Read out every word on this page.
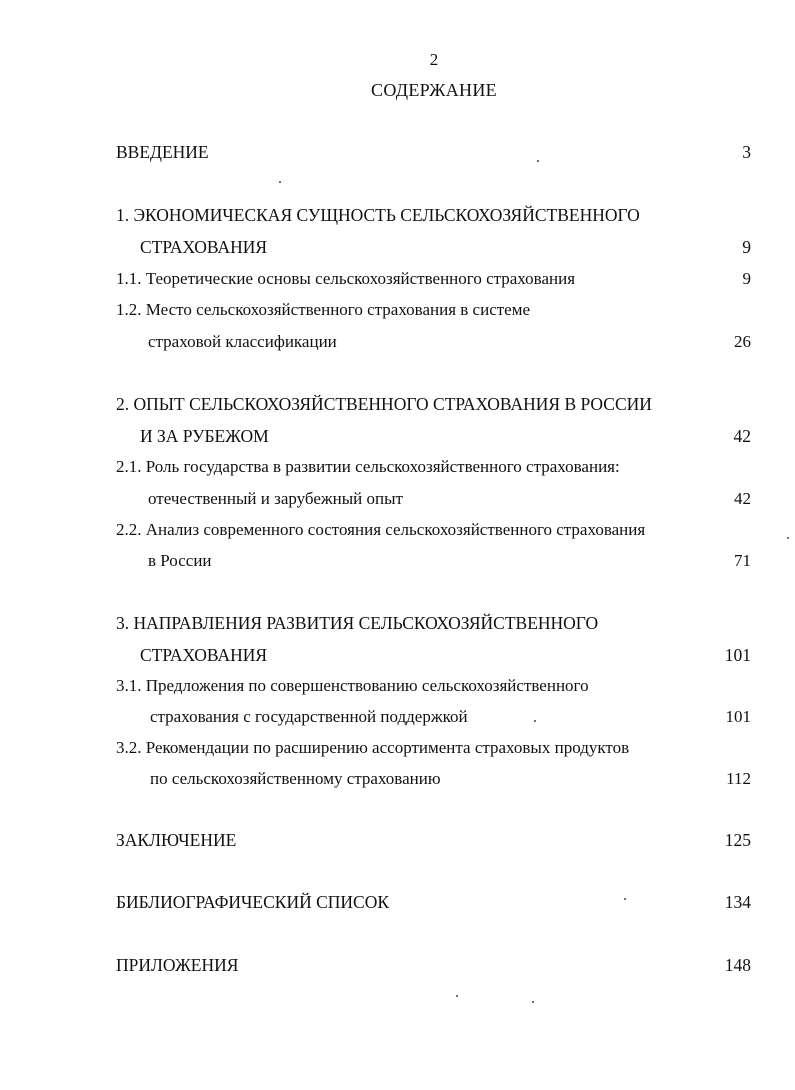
2
СОДЕРЖАНИЕ
ВВЕДЕНИЕ	3
1. ЭКОНОМИЧЕСКАЯ СУЩНОСТЬ СЕЛЬСКОХОЗЯЙСТВЕННОГО
СТРАХОВАНИЯ	9
1.1. Теоретические основы сельскохозяйственного страхования	9
1.2. Место сельскохозяйственного страхования в системе
страховой классификации	26
2. ОПЫТ СЕЛЬСКОХОЗЯЙСТВЕННОГО СТРАХОВАНИЯ В РОССИИ
И ЗА РУБЕЖОМ	42
2.1. Роль государства в развитии сельскохозяйственного страхования:
отечественный и зарубежный опыт	42
2.2. Анализ современного состояния сельскохозяйственного страхования
в России	71
3. НАПРАВЛЕНИЯ РАЗВИТИЯ СЕЛЬСКОХОЗЯЙСТВЕННОГО
СТРАХОВАНИЯ	101
3.1. Предложения по совершенствованию сельскохозяйственного
страхования с государственной поддержкой	101
3.2. Рекомендации по расширению ассортимента страховых продуктов
по сельскохозяйственному страхованию	112
ЗАКЛЮЧЕНИЕ	125
БИБЛИОГРАФИЧЕСКИЙ СПИСОК	134
ПРИЛОЖЕНИЯ	148
